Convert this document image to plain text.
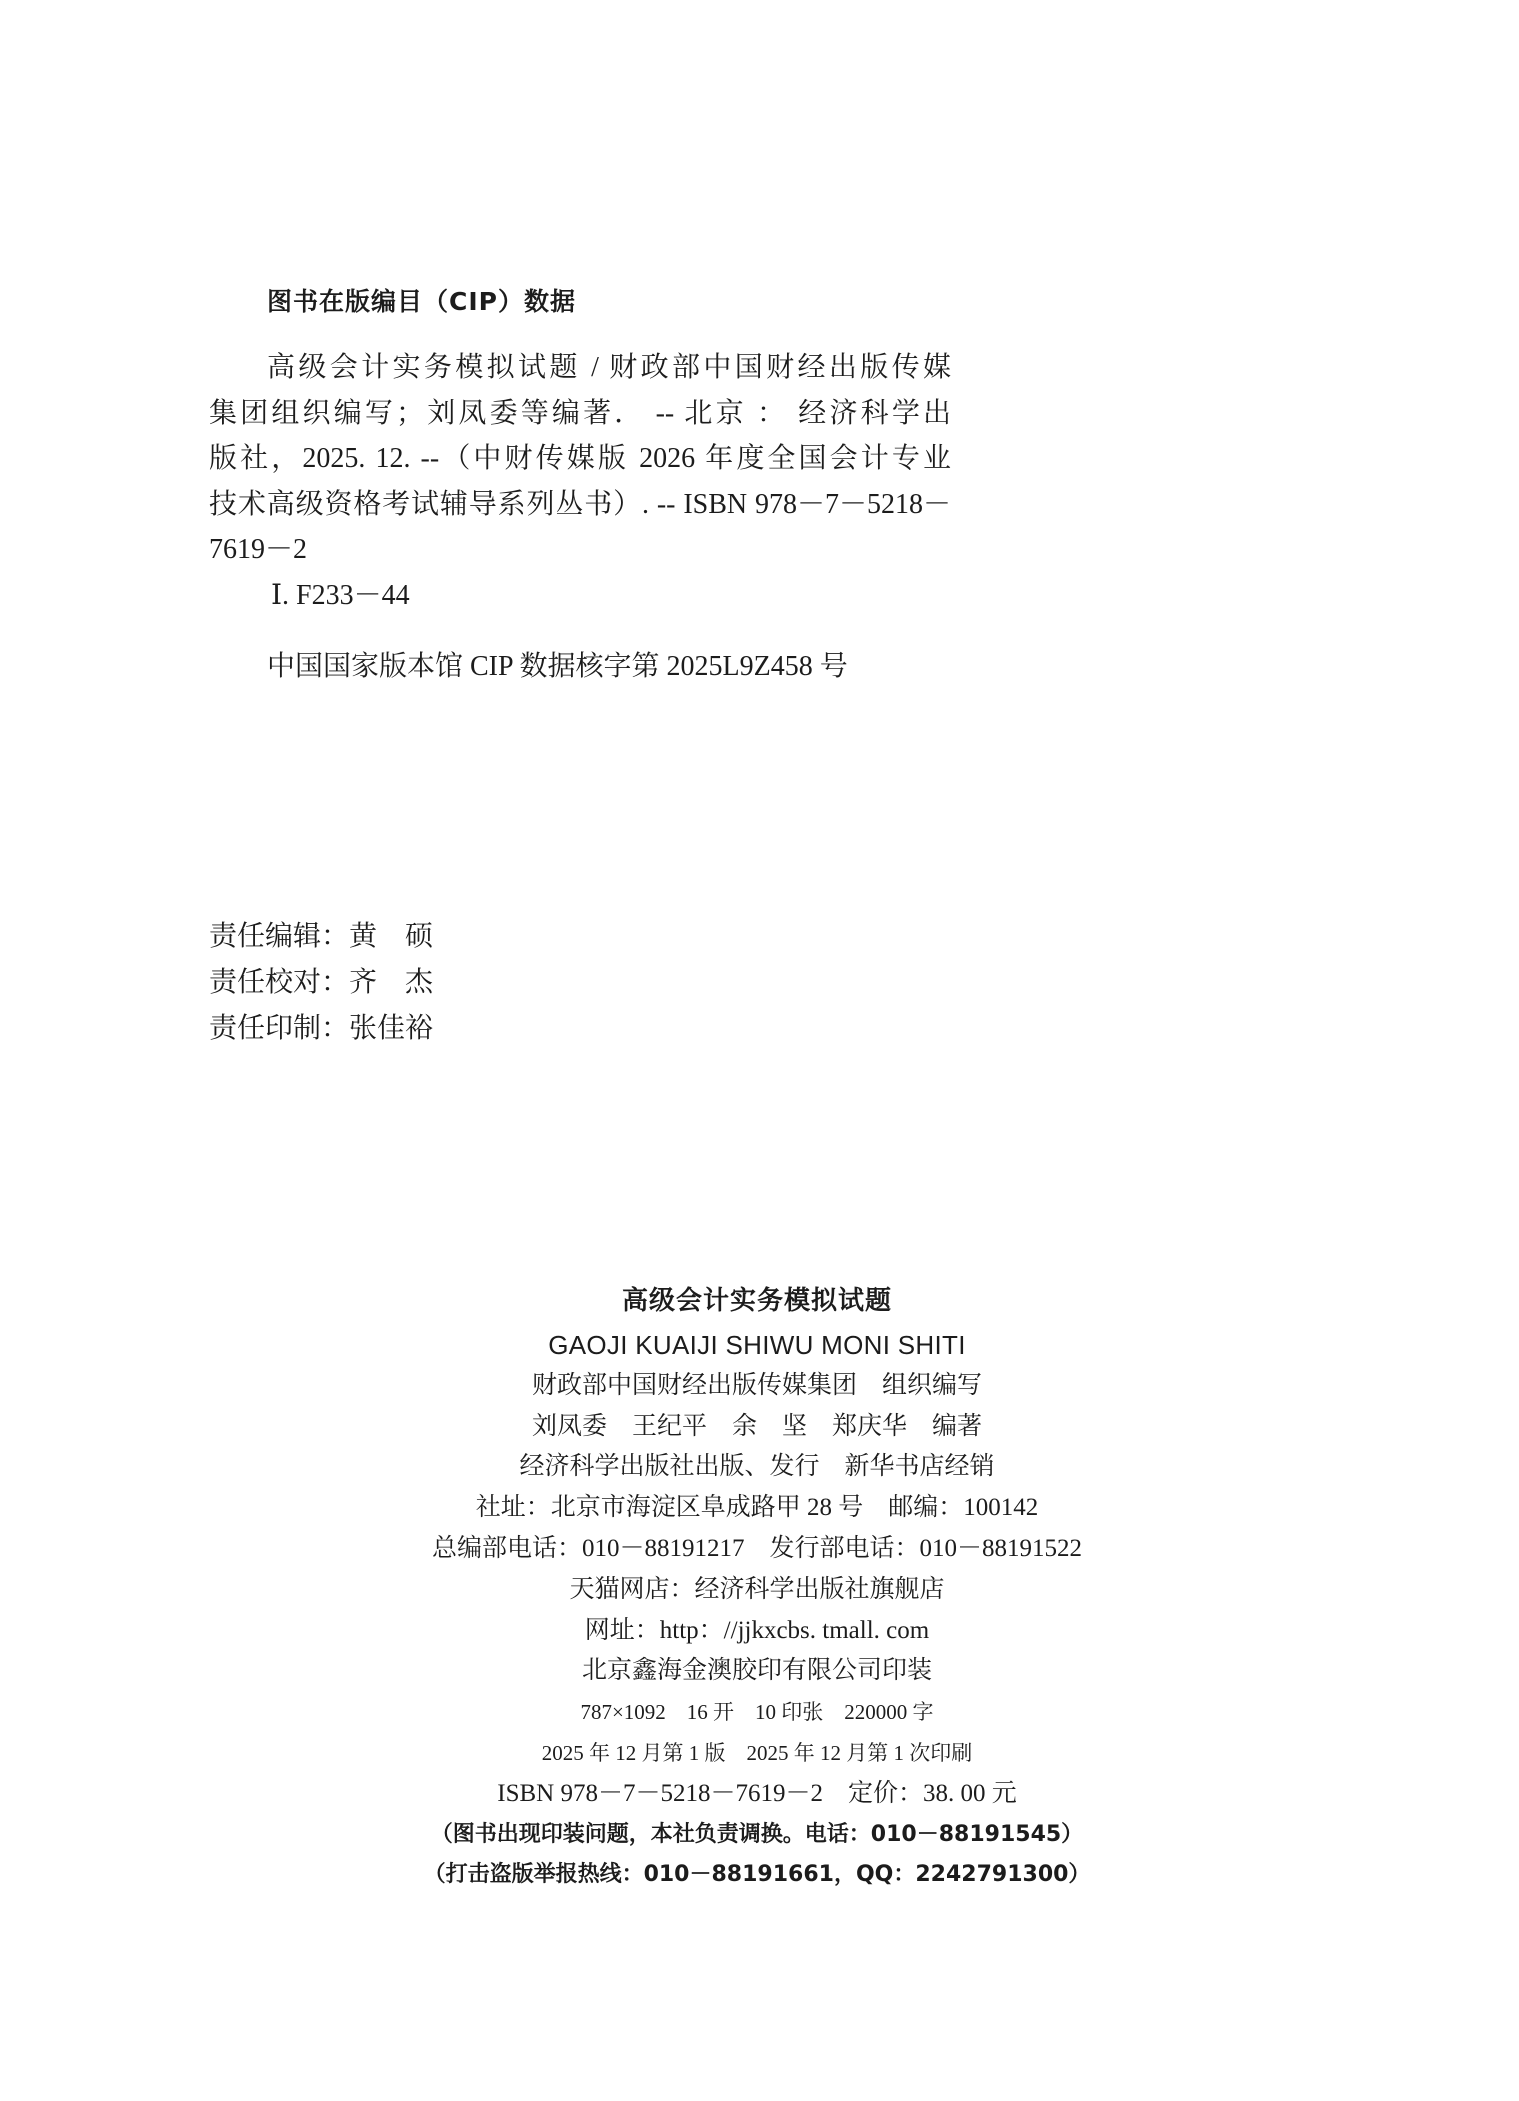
图书在版编目（CIP）数据
高级会计实务模拟试题 / 财政部中国财经出版传媒
集团组织编写；刘凤委等编著． -- 北京 ： 经济科学出
版社，2025. 12. --（中财传媒版 2026 年度全国会计专业
技术高级资格考试辅导系列丛书）. -- ISBN 978－7－5218－
7619－2
Ⅰ. F233－44
中国国家版本馆 CIP 数据核字第 2025L9Z458 号
责任编辑：黄　硕
责任校对：齐　杰
责任印制：张佳裕
高级会计实务模拟试题
GAOJI KUAIJI SHIWU MONI SHITI
财政部中国财经出版传媒集团　组织编写
刘凤委　王纪平　余　坚　郑庆华　编著
经济科学出版社出版、发行　新华书店经销
社址：北京市海淀区阜成路甲 28 号　邮编：100142
总编部电话：010－88191217　发行部电话：010－88191522
天猫网店：经济科学出版社旗舰店
网址：http：//jjkxcbs. tmall. com
北京鑫海金澳胶印有限公司印装
787×1092　16 开　10 印张　220000 字
2025 年 12 月第 1 版　2025 年 12 月第 1 次印刷
ISBN 978－7－5218－7619－2　定价：38. 00 元
（图书出现印装问题，本社负责调换。电话：010－88191545）
（打击盗版举报热线：010－88191661，QQ：2242791300）
